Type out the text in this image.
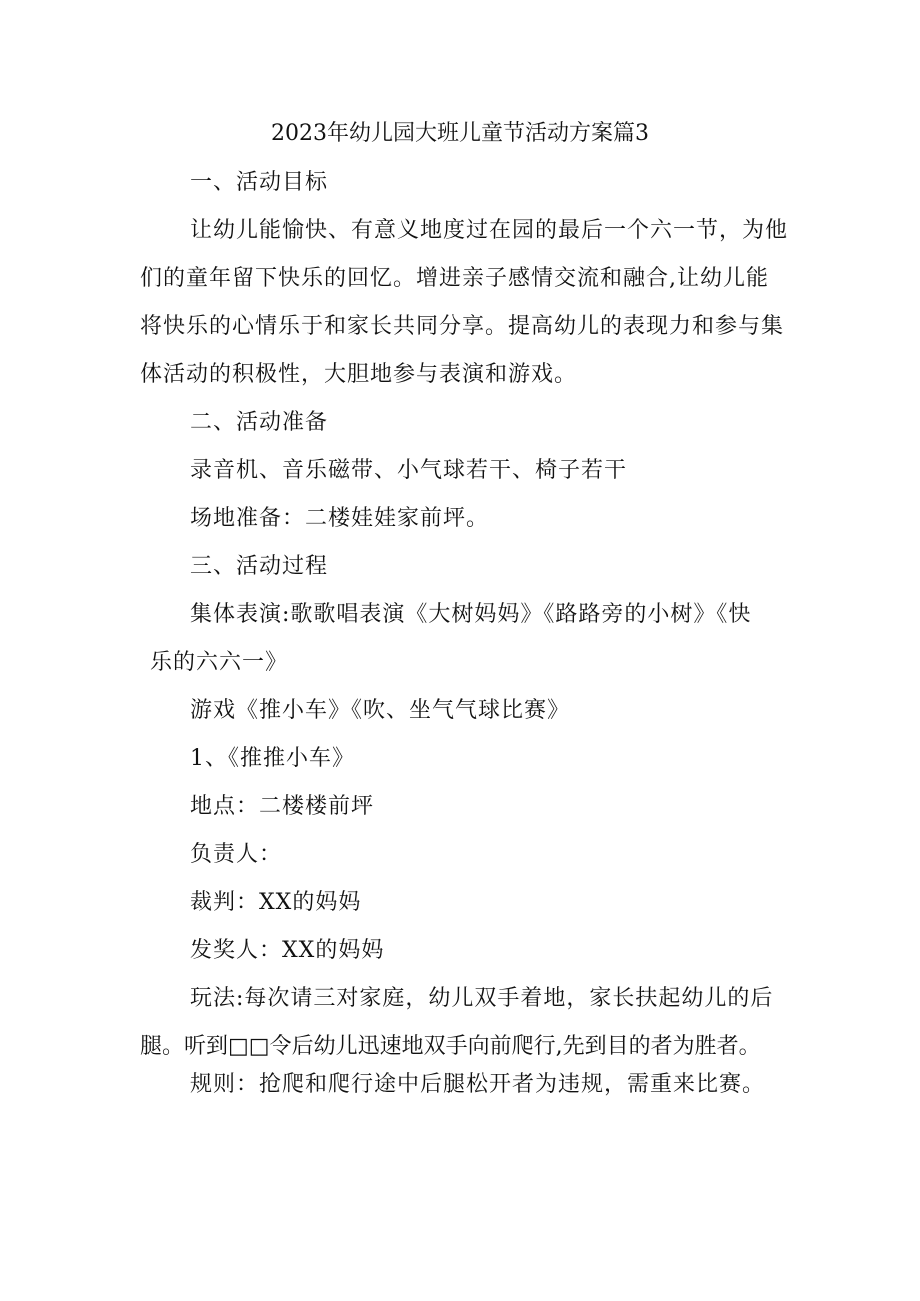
2023年幼儿园大班儿童节活动方案篇3
一、活动目标
让幼儿能愉快、有意义地度过在园的最后一个六一节，为他
们的童年留下快乐的回忆。增进亲子感情交流和融合,让幼儿能
将快乐的心情乐于和家长共同分享。提高幼儿的表现力和参与集
体活动的积极性，大胆地参与表演和游戏。
二、活动准备
录音机、音乐磁带、小气球若干、椅子若干
场地准备：二楼娃娃家前坪。
三、活动过程
集体表演:歌歌唱表演《大树妈妈》《路路旁的小树》《快
乐的六六一》
游戏《推小车》《吹、坐气气球比赛》
1、《推推小车》
地点：二楼楼前坪
负责人：
裁判：XX的妈妈
发奖人：XX的妈妈
玩法:每次请三对家庭，幼儿双手着地，家长扶起幼儿的后
腿。听到□□令后幼儿迅速地双手向前爬行,先到目的者为胜者。
规则：抢爬和爬行途中后腿松开者为违规，需重来比赛。
